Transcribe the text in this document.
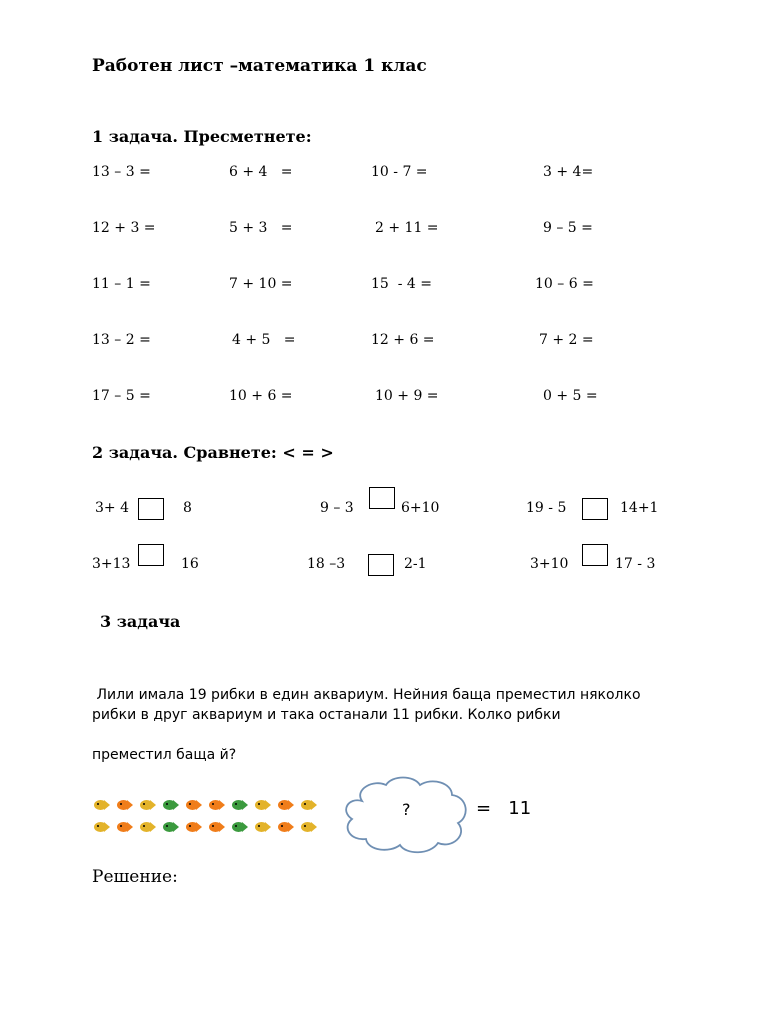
Работен лист –математика 1 клас
1 задача. Пресметнете:
13 – 3 =	6 + 4   =	10 - 7 =	3 + 4=
12 + 3 =	5 + 3   =	2 + 11 =	9 – 5 =
11 – 1 =	7 + 10 =	15  - 4 =	10 – 6 =
13 – 2 =	4 + 5   =	12 + 6 =	7 + 2 =
17 – 5 =	10 + 6 =	10 + 9 =	0 + 5 =
2 задача. Сравнете: < = >
3+ 4	8	9 – 3	6+10	19 - 5	14+1
3+13	16	18 –3	2-1	3+10	17 - 3
3 задача
Лили имала 19 рибки в един аквариум. Нейния баща преместил няколко
рибки в друг аквариум и така останали 11 рибки. Колко рибки
преместил баща й?
?	=   11
Решение:
